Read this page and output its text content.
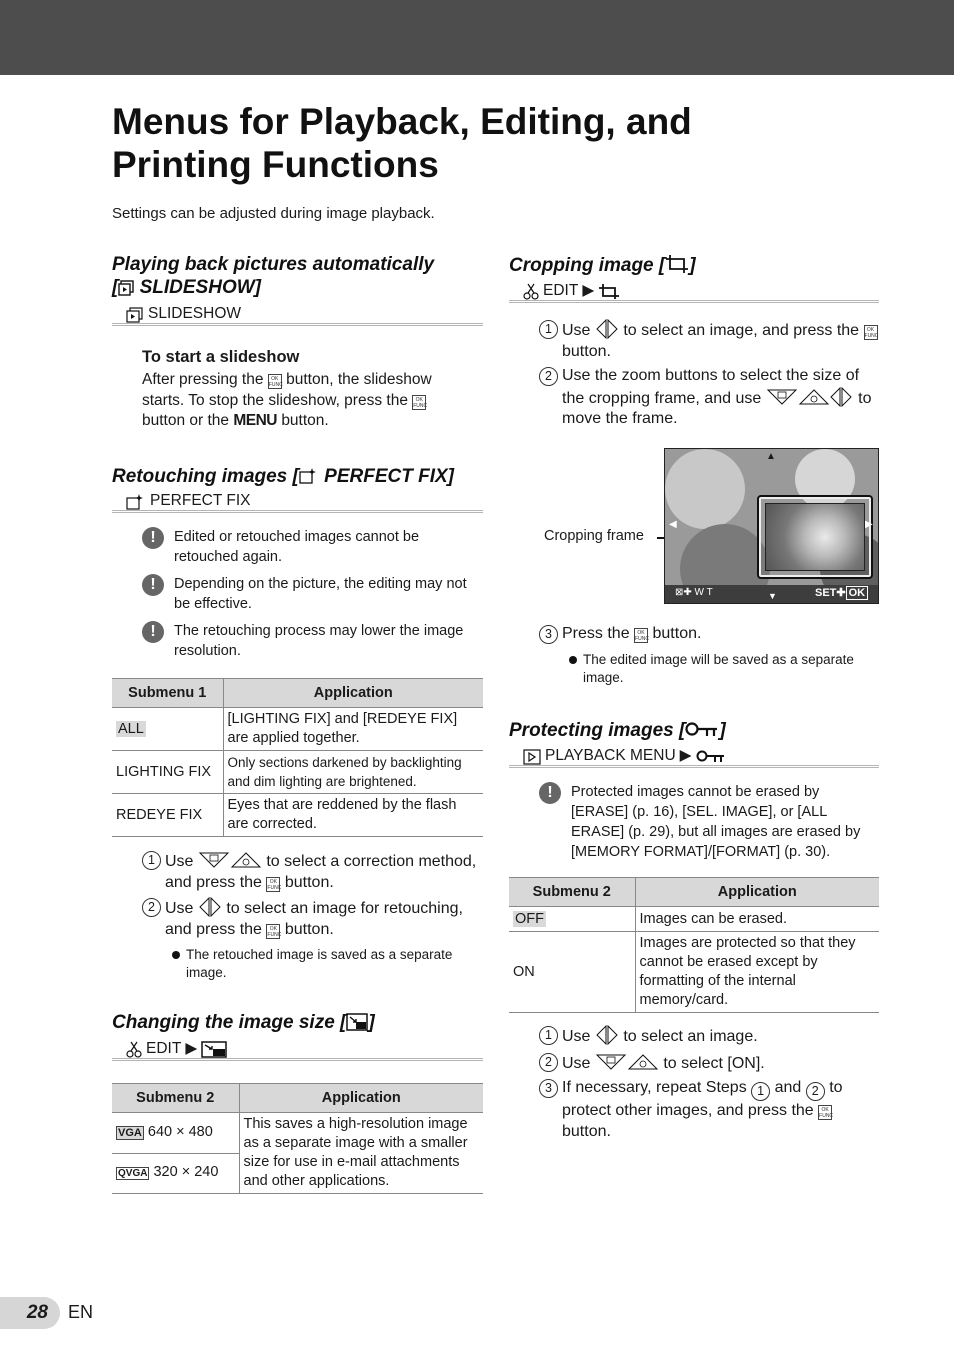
Menus for Playback, Editing, and
Printing Functions

Settings can be adjusted during image playback.

Playing back pictures automatically
[ SLIDESHOW]
SLIDESHOW
To start a slideshow
After pressing the OK
FUNC button, the slideshow starts. To stop the slideshow, press the OK
FUNC button or the MENU button.
Retouching images [ PERFECT FIX]
PERFECT FIX
!	Edited or retouched images cannot be retouched again.
!	Depending on the picture, the editing may not be effective.
!	The retouching process may lower the image resolution.
Submenu 1	Application
ALL	[LIGHTING FIX] and [REDEYE FIX] are applied together.
LIGHTING FIX	Only sections darkened by backlighting and dim lighting are brightened.
REDEYE FIX	Eyes that are reddened by the flash are corrected.
1 Use	to select a correction method, and press the OK
FUNC button.
2 Use to select an image for retouching, and press the OK
FUNC button.
The retouched image is saved as a separate image.
Changing the image size [ ]
EDIT ▶
Submenu 2	Application
VGA 640 × 480	This saves a high-resolution image as a separate image with a smaller size for use in e-mail attachments and other applications.
QVGA 320 × 240	
Cropping image [ ]
EDIT ▶
1 Use to select an image, and press the OK
FUNC button.
2 Use the zoom buttons to select the size of the cropping frame, and use	to move the frame.
Cropping frame
▲
▼
◀	▶
⊠✚ W T	SET✚ OK
3 Press the OK
FUNC button.
The edited image will be saved as a separate image.
Protecting images [ ]
PLAYBACK MENU ▶
!	Protected images cannot be erased by [ERASE] (p. 16), [SEL. IMAGE], or [ALL ERASE] (p. 29), but all images are erased by [MEMORY FORMAT]/[FORMAT] (p. 30).
Submenu 2	Application
OFF	Images can be erased.
ON	Images are protected so that they cannot be erased except by formatting of the internal memory/card.
1 Use to select an image.
2 Use	to select [ON].
3 If necessary, repeat Steps 1 and 2 to protect other images, and press the OK
FUNC button.
28	EN
